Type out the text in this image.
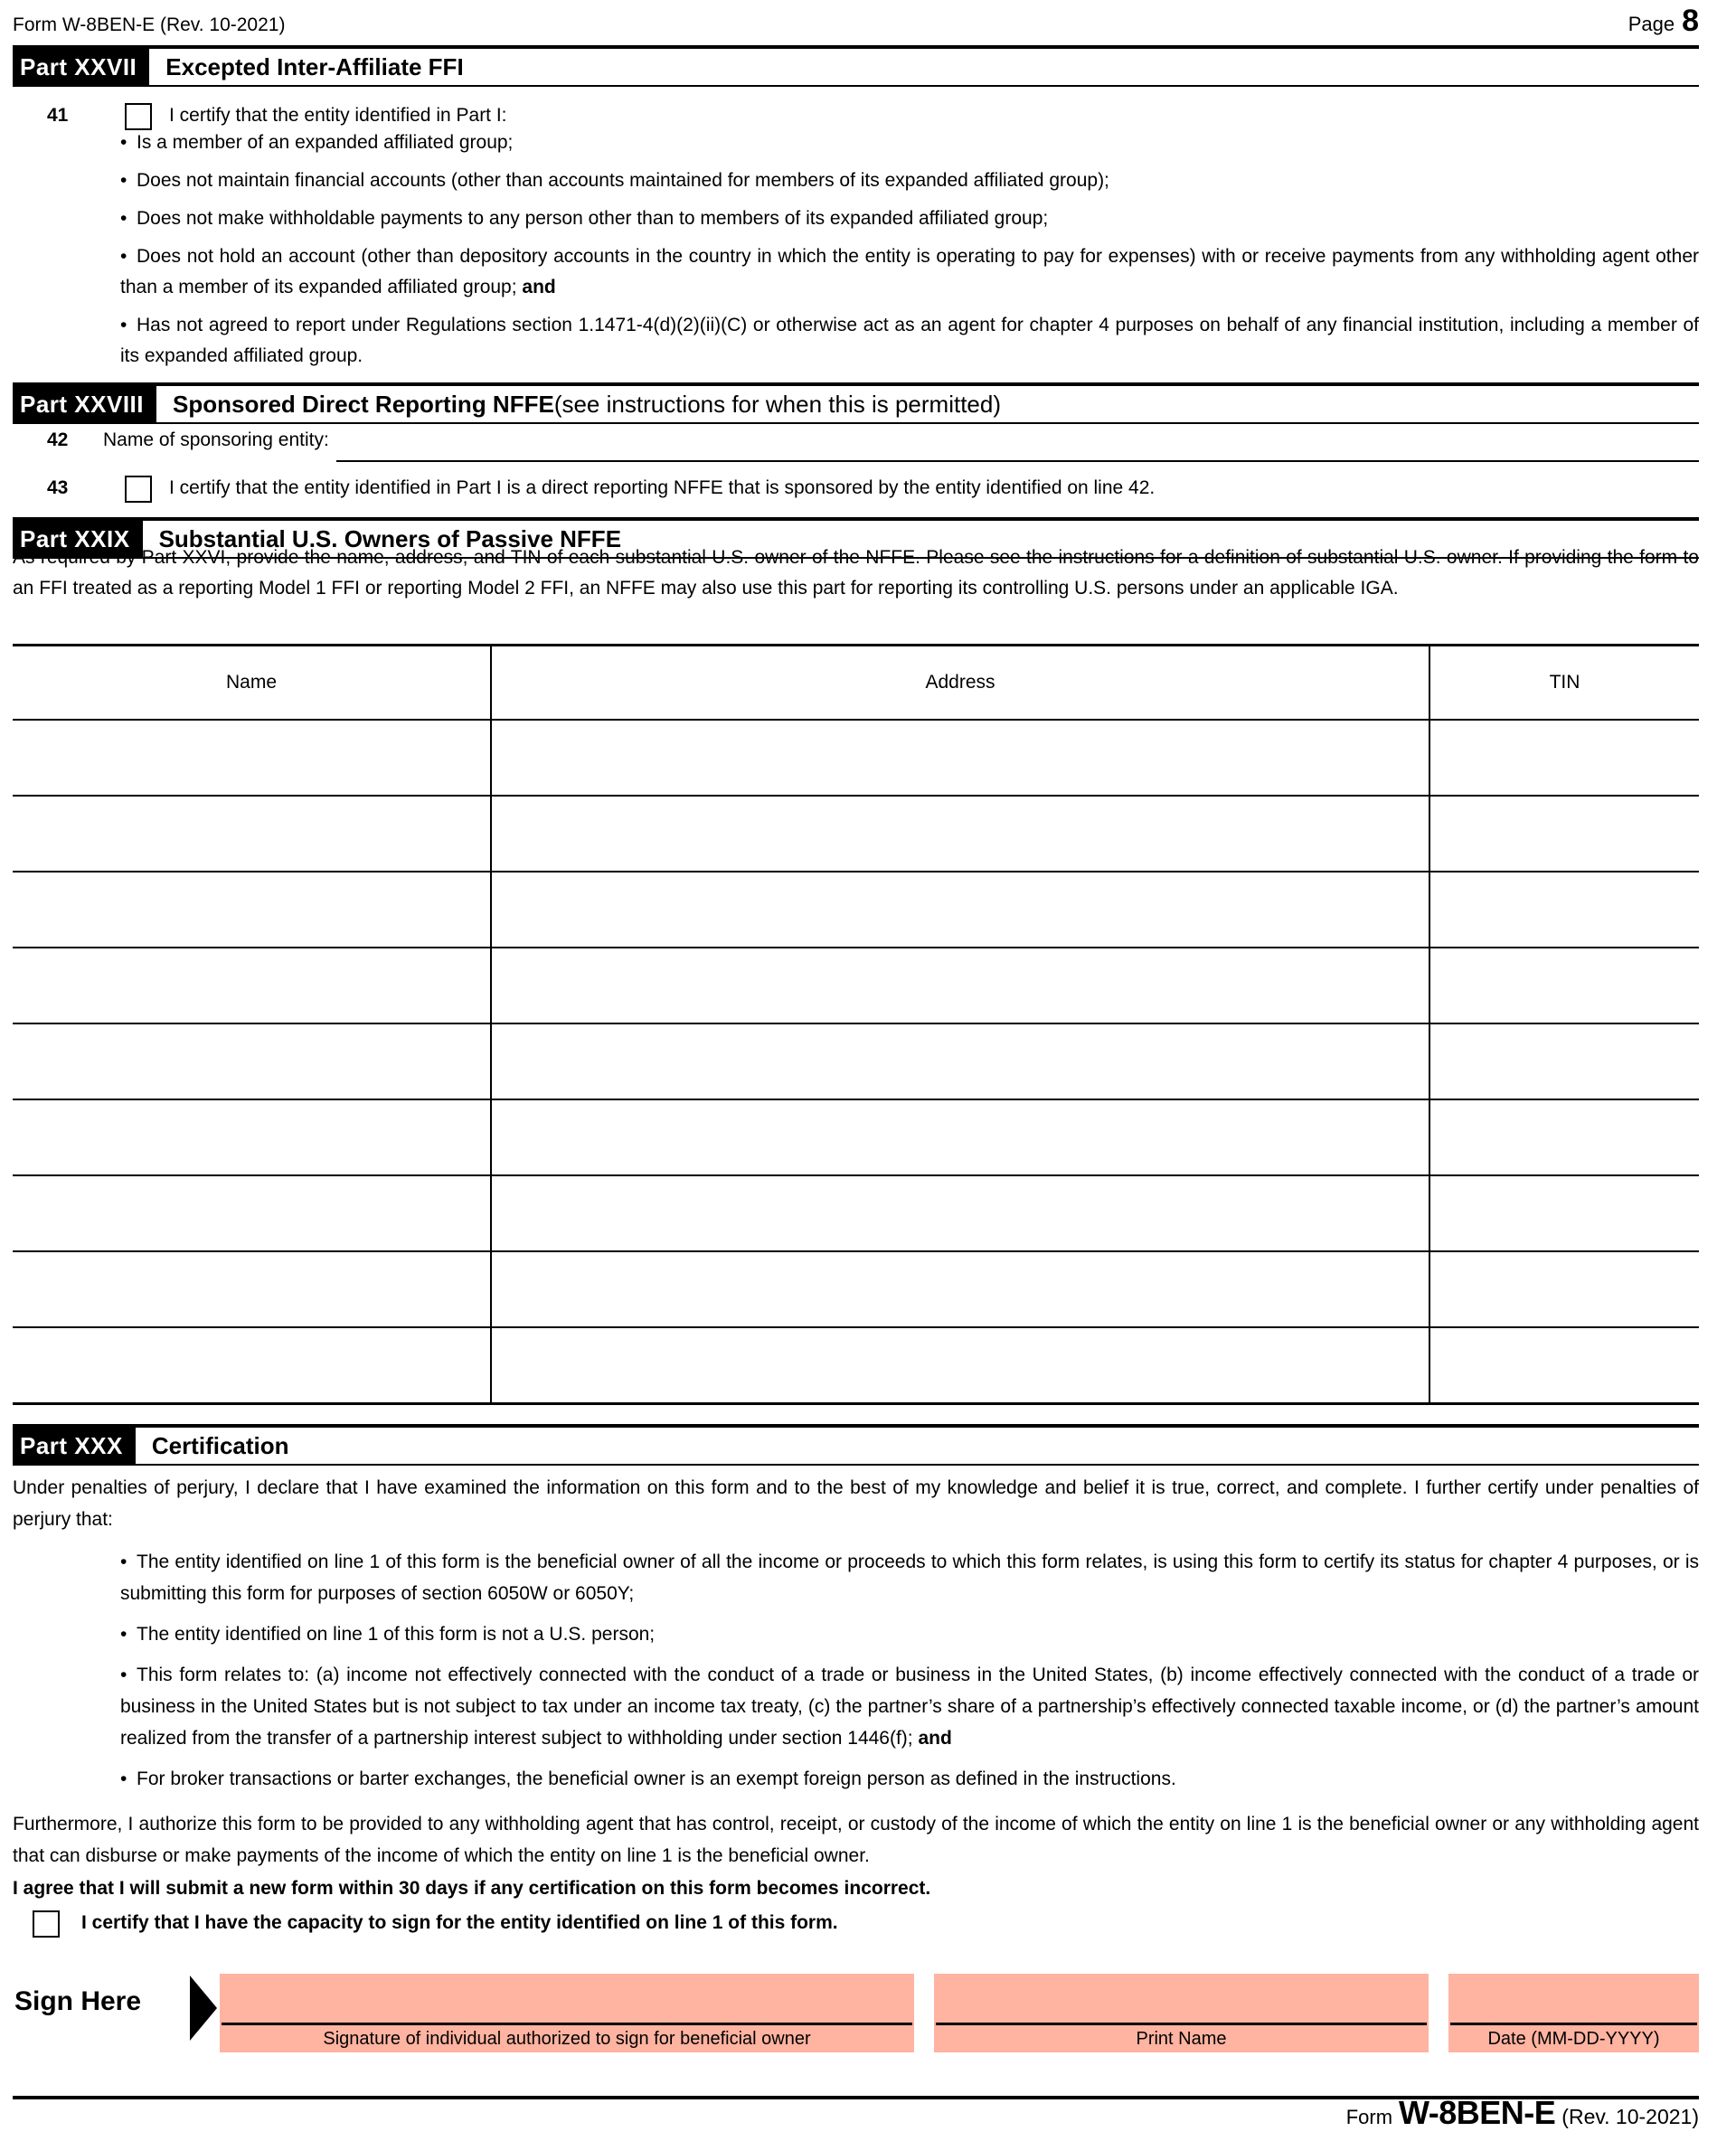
Form W-8BEN-E (Rev. 10-2021)	Page 8
Part XXVII	Excepted Inter-Affiliate FFI
41	I certify that the entity identified in Part I:

• Is a member of an expanded affiliated group;

• Does not maintain financial accounts (other than accounts maintained for members of its expanded affiliated group);

• Does not make withholdable payments to any person other than to members of its expanded affiliated group;

• Does not hold an account (other than depository accounts in the country in which the entity is operating to pay for expenses) with or receive payments from any withholding agent other than a member of its expanded affiliated group; and

• Has not agreed to report under Regulations section 1.1471-4(d)(2)(ii)(C) or otherwise act as an agent for chapter 4 purposes on behalf of any financial institution, including a member of its expanded affiliated group.

Part XXVIII	Sponsored Direct Reporting NFFE (see instructions for when this is permitted)
42 Name of sponsoring entity:
43	I certify that the entity identified in Part I is a direct reporting NFFE that is sponsored by the entity identified on line 42.
Part XXIX	Substantial U.S. Owners of Passive NFFE

As required by Part XXVI, provide the name, address, and TIN of each substantial U.S. owner of the NFFE. Please see the instructions for a definition of substantial U.S. owner. If providing the form to an FFI treated as a reporting Model 1 FFI or reporting Model 2 FFI, an NFFE may also use this part for reporting its controlling U.S. persons under an applicable IGA.

Name	Address	TIN
Part XXX	Certification

Under penalties of perjury, I declare that I have examined the information on this form and to the best of my knowledge and belief it is true, correct, and complete. I further certify under penalties of perjury that:

• The entity identified on line 1 of this form is the beneficial owner of all the income or proceeds to which this form relates, is using this form to certify its status for chapter 4 purposes, or is submitting this form for purposes of section 6050W or 6050Y;

• The entity identified on line 1 of this form is not a U.S. person;

• This form relates to: (a) income not effectively connected with the conduct of a trade or business in the United States, (b) income effectively connected with the conduct of a trade or business in the United States but is not subject to tax under an income tax treaty, (c) the partner’s share of a partnership’s effectively connected taxable income, or (d) the partner’s amount realized from the transfer of a partnership interest subject to withholding under section 1446(f); and

• For broker transactions or barter exchanges, the beneficial owner is an exempt foreign person as defined in the instructions.

Furthermore, I authorize this form to be provided to any withholding agent that has control, receipt, or custody of the income of which the entity on line 1 is the beneficial owner or any withholding agent that can disburse or make payments of the income of which the entity on line 1 is the beneficial owner.

I agree that I will submit a new form within 30 days if any certification on this form becomes incorrect.

I certify that I have the capacity to sign for the entity identified on line 1 of this form.
Sign Here
Signature of individual authorized to sign for beneficial owner	Print Name	Date (MM-DD-YYYY)
Form W-8BEN-E (Rev. 10-2021)
